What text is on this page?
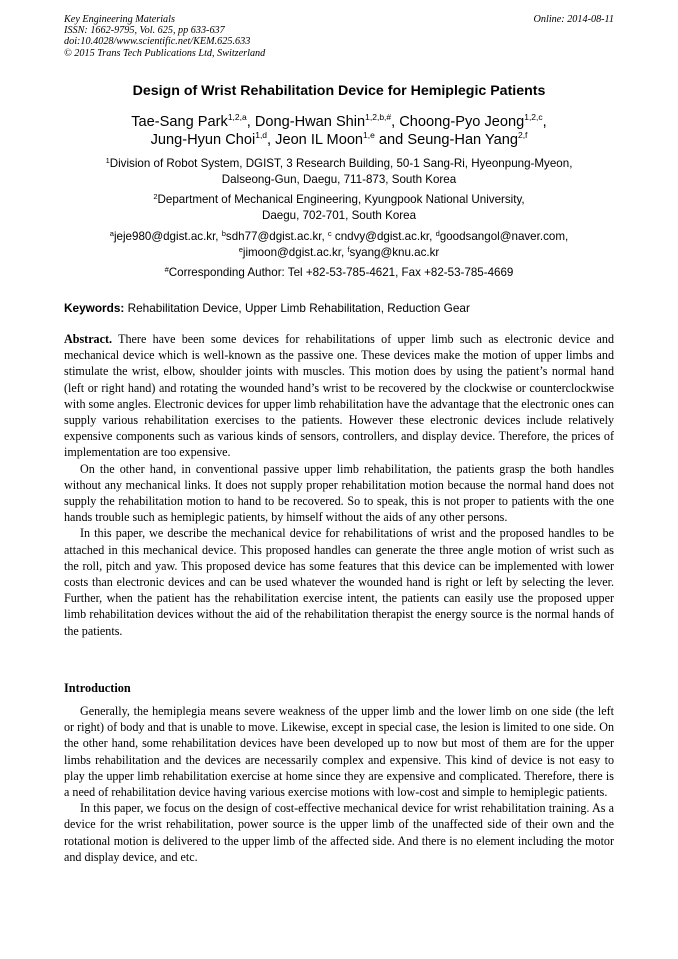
Key Engineering Materials
ISSN: 1662-9795, Vol. 625, pp 633-637
doi:10.4028/www.scientific.net/KEM.625.633
© 2015 Trans Tech Publications Ltd, Switzerland
Online: 2014-08-11
Design of Wrist Rehabilitation Device for Hemiplegic Patients
Tae-Sang Park$^{1,2,a}$, Dong-Hwan Shin$^{1,2,b,\#}$, Choong-Pyo Jeong$^{1,2,c}$,
Jung-Hyun Choi$^{1,d}$, Jeon IL Moon$^{1,e}$ and Seung-Han Yang$^{2,f}$
$^1$Division of Robot System, DGIST, 3 Research Building, 50-1 Sang-Ri, Hyeonpung-Myeon,
Dalseong-Gun, Daegu, 711-873, South Korea
$^2$Department of Mechanical Engineering, Kyungpook National University,
Daegu, 702-701, South Korea
$^a$jeje980@dgist.ac.kr, $^b$sdh77@dgist.ac.kr, $^c$ cndvy@dgist.ac.kr, $^d$goodsangol@naver.com,
$^e$jimoon@dgist.ac.kr, $^f$syang@knu.ac.kr
#Corresponding Author: Tel +82-53-785-4621, Fax +82-53-785-4669
Keywords: Rehabilitation Device, Upper Limb Rehabilitation, Reduction Gear

Abstract. There have been some devices for rehabilitations of upper limb such as electronic device and mechanical device which is well-known as the passive one. These devices make the motion of upper limbs and stimulate the wrist, elbow, shoulder joints with muscles. This motion does by using the patient’s normal hand (left or right hand) and rotating the wounded hand’s wrist to be recovered by the clockwise or counterclockwise with some angles. Electronic devices for upper limb rehabilitation have the advantage that the electronic ones can supply various rehabilitation exercises to the patients. However these electronic devices include relatively expensive components such as various kinds of sensors, controllers, and display device. Therefore, the prices of implementation are too expensive.

On the other hand, in conventional passive upper limb rehabilitation, the patients grasp the both handles without any mechanical links. It does not supply proper rehabilitation motion because the normal hand does not supply the rehabilitation motion to hand to be recovered. So to speak, this is not proper to patients with the one hands trouble such as hemiplegic patients, by himself without the aids of any other persons.

In this paper, we describe the mechanical device for rehabilitations of wrist and the proposed handles to be attached in this mechanical device. This proposed handles can generate the three angle motion of wrist such as the roll, pitch and yaw. This proposed device has some features that this device can be implemented with lower costs than electronic devices and can be used whatever the wounded hand is right or left by selecting the lever. Further, when the patient has the rehabilitation exercise intent, the patients can easily use the proposed upper limb rehabilitation devices without the aid of the rehabilitation therapist the energy source is the normal hands of the patients.

Introduction

Generally, the hemiplegia means severe weakness of the upper limb and the lower limb on one side (the left or right) of body and that is unable to move. Likewise, except in special case, the lesion is limited to one side. On the other hand, some rehabilitation devices have been developed up to now but most of them are for the upper limbs rehabilitation and the devices are necessarily complex and expensive. This kind of device is not easy to play the upper limb rehabilitation exercise at home since they are expensive and complicated. Therefore, there is a need of rehabilitation device having various exercise motions with low-cost and simple to hemiplegic patients.

In this paper, we focus on the design of cost-effective mechanical device for wrist rehabilitation training. As a device for the wrist rehabilitation, power source is the upper limb of the unaffected side of their own and the rotational motion is delivered to the upper limb of the affected side. And there is no element including the motor and display device, and etc.
